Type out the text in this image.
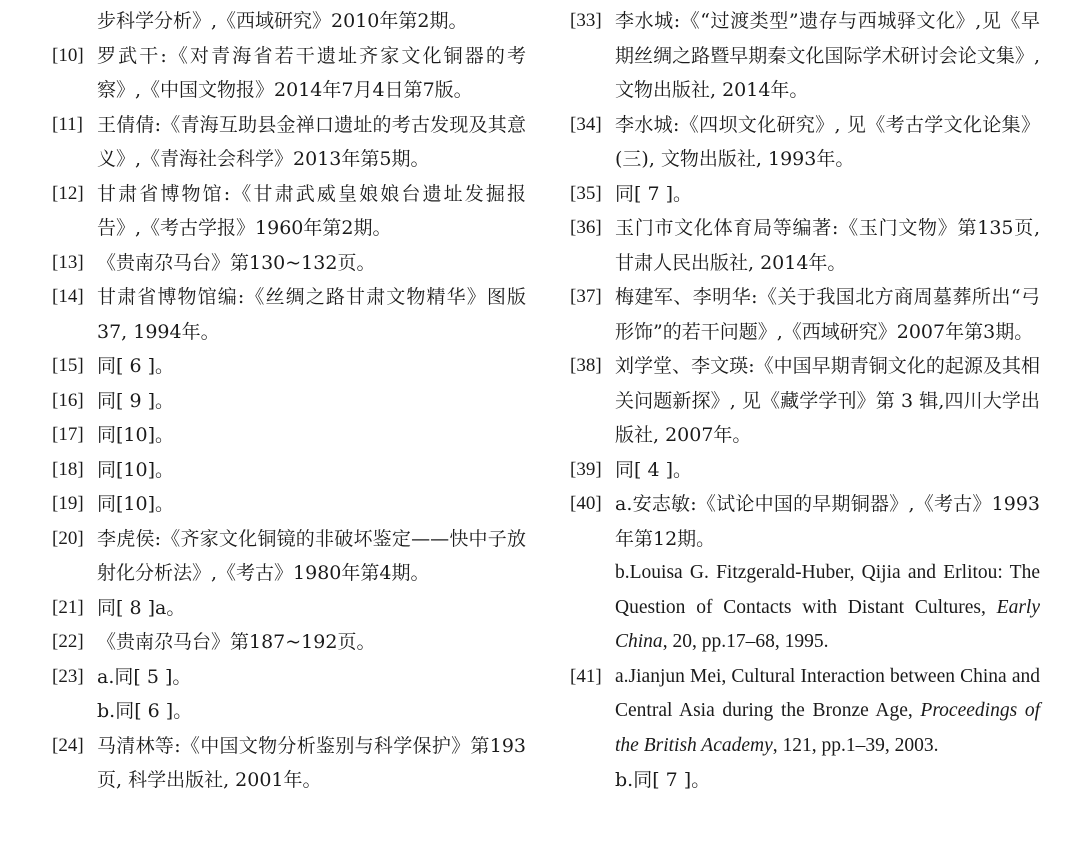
步科学分析》,《西域研究》2010年第2期。
[10] 罗武干:《对青海省若干遗址齐家文化铜器的考察》,《中国文物报》2014年7月4日第7版。
[11] 王倩倩:《青海互助县金禅口遗址的考古发现及其意义》,《青海社会科学》2013年第5期。
[12] 甘肃省博物馆:《甘肃武威皇娘娘台遗址发掘报告》,《考古学报》1960年第2期。
[13] 《贵南尕马台》第130~132页。
[14] 甘肃省博物馆编:《丝绸之路甘肃文物精华》图版37, 1994年。
[15] 同[ 6 ]。
[16] 同[ 9 ]。
[17] 同[10]。
[18] 同[10]。
[19] 同[10]。
[20] 李虎侯:《齐家文化铜镜的非破坏鉴定——快中子放射化分析法》,《考古》1980年第4期。
[21] 同[ 8 ]a。
[22] 《贵南尕马台》第187~192页。
[23] a.同[ 5 ]。
b.同[ 6 ]。
[24] 马清林等:《中国文物分析鉴别与科学保护》第193页, 科学出版社, 2001年。
[33] 李水城:《“过渡类型”遗存与西城驿文化》,见《早期丝绸之路暨早期秦文化国际学术研讨会论文集》, 文物出版社, 2014年。
[34] 李水城:《四坝文化研究》, 见《考古学文化论集》(三), 文物出版社, 1993年。
[35] 同[ 7 ]。
[36] 玉门市文化体育局等编著:《玉门文物》第135页, 甘肃人民出版社, 2014年。
[37] 梅建军、李明华:《关于我国北方商周墓葬所出“弓形饰”的若干问题》,《西域研究》2007年第3期。
[38] 刘学堂、李文瑛:《中国早期青铜文化的起源及其相关问题新探》, 见《藏学学刊》第 3 辑,四川大学出版社, 2007年。
[39] 同[ 4 ]。
[40] a.安志敏:《试论中国的早期铜器》,《考古》1993年第12期。
b.Louisa G. Fitzgerald-Huber, Qijia and Erlitou: The Question of Contacts with Distant Cultures, Early China, 20, pp.17–68, 1995.
[41] a.Jianjun Mei, Cultural Interaction between China and Central Asia during the Bronze Age, Proceedings of the British Academy, 121, pp.1–39, 2003.
b.同[ 7 ]。
